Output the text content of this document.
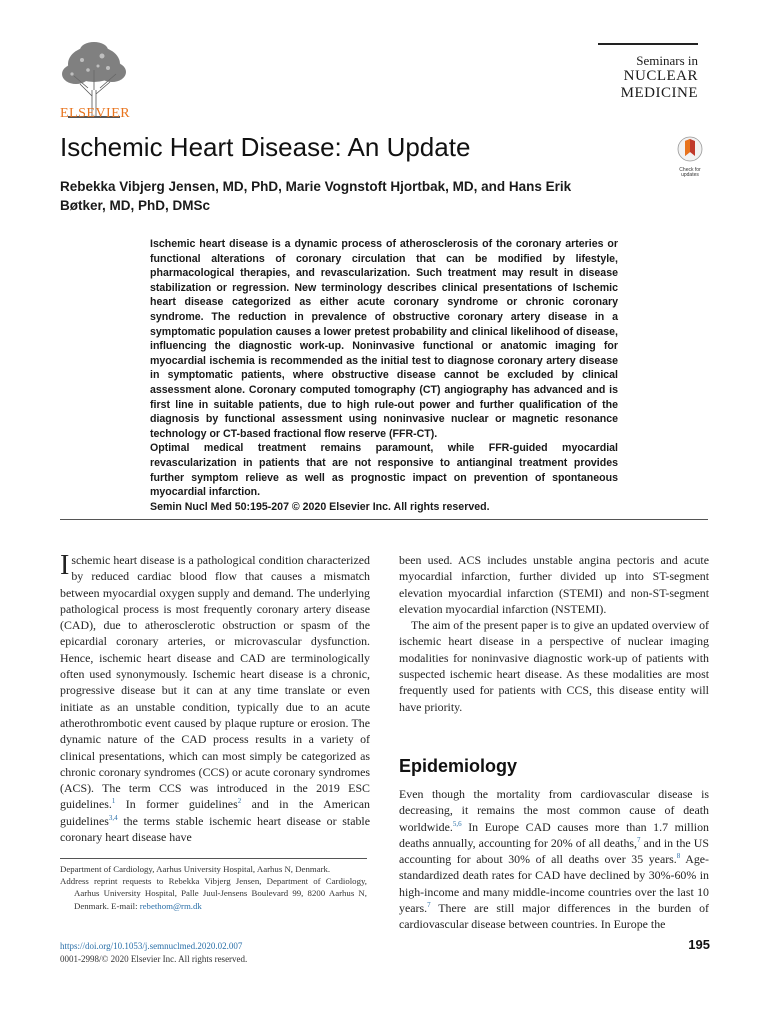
ELSEVIER
Seminars in
NUCLEAR
MEDICINE
Ischemic Heart Disease: An Update
Check for updates
Rebekka Vibjerg Jensen, MD, PhD, Marie Vognstoft Hjortbak, MD, and Hans Erik Bøtker, MD, PhD, DMSc

Ischemic heart disease is a dynamic process of atherosclerosis of the coronary arteries or functional alterations of coronary circulation that can be modified by lifestyle, pharmacological therapies, and revascularization. Such treatment may result in disease stabilization or regression. New terminology describes clinical presentations of Ischemic heart disease categorized as either acute coronary syndrome or chronic coronary syndrome. The reduction in prevalence of obstructive coronary artery disease in a symptomatic population causes a lower pretest probability and clinical likelihood of disease, influencing the diagnostic work-up. Noninvasive functional or anatomic imaging for myocardial ischemia is recommended as the initial test to diagnose coronary artery disease in symptomatic patients, where obstructive disease cannot be excluded by clinical assessment alone. Coronary computed tomography (CT) angiography has advanced and is first line in suitable patients, due to high rule-out power and further qualification of the diagnosis by functional assessment using noninvasive nuclear or magnetic resonance technology or CT-based fractional flow reserve (FFR-CT).

Optimal medical treatment remains paramount, while FFR-guided myocardial revascularization in patients that are not responsive to antianginal treatment provides further symptom relieve as well as prognostic impact on prevention of spontaneous myocardial infarction.

Semin Nucl Med 50:195-207 © 2020 Elsevier Inc. All rights reserved.

Ischemic heart disease is a pathological condition characterized by reduced cardiac blood flow that causes a mismatch between myocardial oxygen supply and demand. The underlying pathological process is most frequently coronary artery disease (CAD), due to atherosclerotic obstruction or spasm of the epicardial coronary arteries, or microvascular dysfunction. Hence, ischemic heart disease and CAD are terminologically often used synonymously. Ischemic heart disease is a chronic, progressive disease but it can at any time translate or even initiate as an unstable condition, typically due to an acute atherothrombotic event caused by plaque rupture or erosion. The dynamic nature of the CAD process results in a variety of clinical presentations, which can most simply be categorized as chronic coronary syndromes (CCS) or acute coronary syndromes (ACS). The term CCS was introduced in the 2019 ESC guidelines.$^1$ In former guidelines$^2$ and in the American guidelines$^{3,4}$ the terms stable ischemic heart disease or stable coronary heart disease have

been used. ACS includes unstable angina pectoris and acute myocardial infarction, further divided up into ST-segment elevation myocardial infarction (STEMI) and non-ST-segment elevation myocardial infarction (NSTEMI).

The aim of the present paper is to give an updated overview of ischemic heart disease in a perspective of nuclear imaging modalities for noninvasive diagnostic work-up of patients with suspected ischemic heart disease. As these modalities are most frequently used for patients with CCS, this disease entity will have priority.

Epidemiology

Even though the mortality from cardiovascular disease is decreasing, it remains the most common cause of death worldwide.$^{5,6}$ In Europe CAD causes more than 1.7 million deaths annually, accounting for 20% of all deaths,$^7$ and in the US accounting for about 30% of all deaths over 35 years.$^8$ Age-standardized death rates for CAD have declined by 30%-60% in high-income and many middle-income countries over the last 10 years.$^7$ There are still major differences in the burden of cardiovascular disease between countries. In Europe the

Department of Cardiology, Aarhus University Hospital, Aarhus N, Denmark.
Address reprint requests to Rebekka Vibjerg Jensen, Department of Cardiology, Aarhus University Hospital, Palle Juul-Jensens Boulevard 99, 8200 Aarhus N, Denmark. E-mail: rebethom@rm.dk
https://doi.org/10.1053/j.semnuclmed.2020.02.007
0001-2998/© 2020 Elsevier Inc. All rights reserved.
195
